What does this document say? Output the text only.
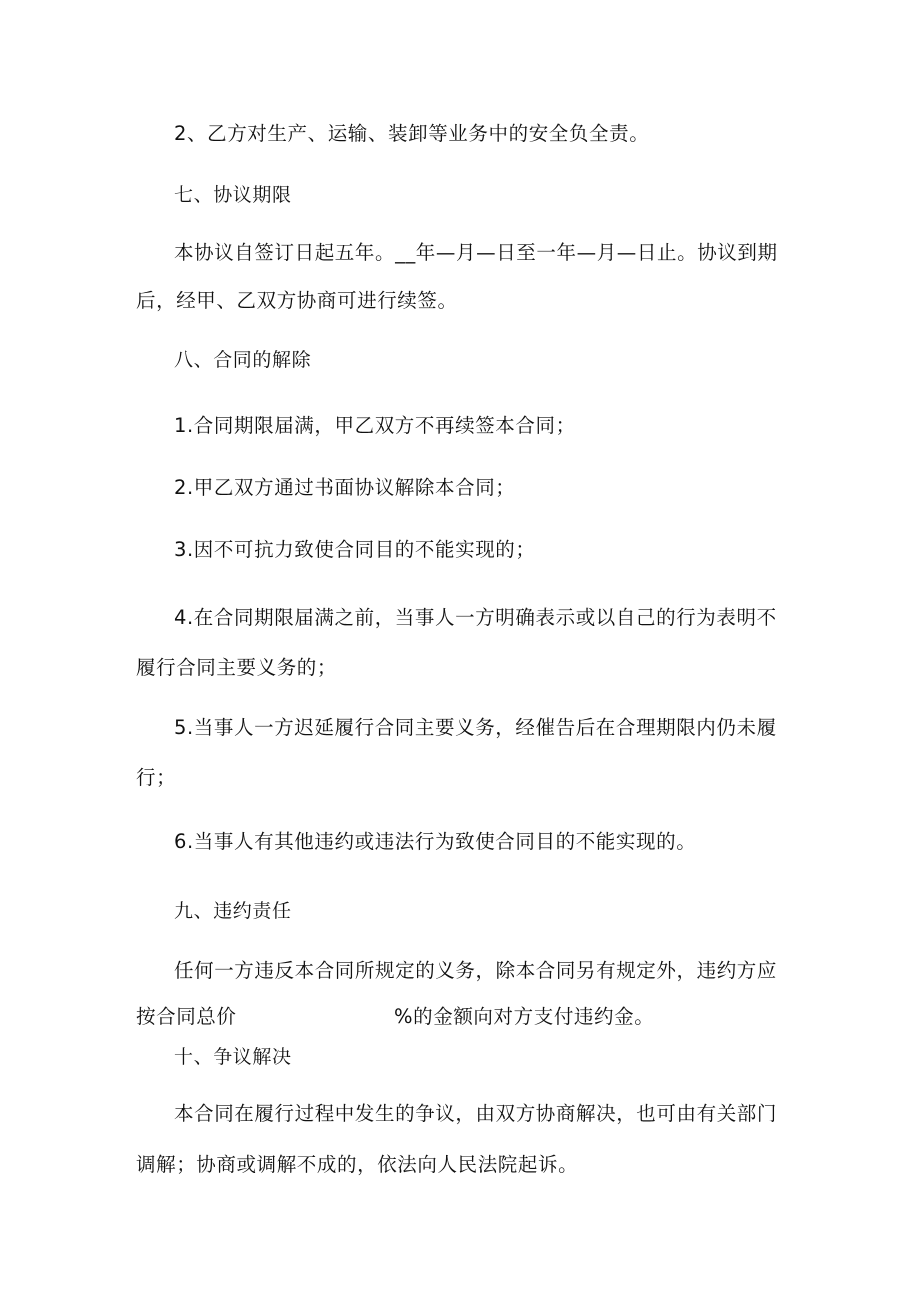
2、乙方对生产、运输、装卸等业务中的安全负全责。
七、协议期限
本协议自签订日起五年。__年—月—日至一年—月—日止。协议到期
后，经甲、乙双方协商可进行续签。
八、合同的解除
1.合同期限届满，甲乙双方不再续签本合同；
2.甲乙双方通过书面协议解除本合同；
3.因不可抗力致使合同目的不能实现的；
4.在合同期限届满之前，当事人一方明确表示或以自己的行为表明不
履行合同主要义务的；
5.当事人一方迟延履行合同主要义务，经催告后在合理期限内仍未履
行；
6.当事人有其他违约或违法行为致使合同目的不能实现的。
九、违约责任
任何一方违反本合同所规定的义务，除本合同另有规定外，违约方应
按合同总价	%的金额向对方支付违约金。
十、争议解决
本合同在履行过程中发生的争议，由双方协商解决，也可由有关部门
调解；协商或调解不成的，依法向人民法院起诉。
